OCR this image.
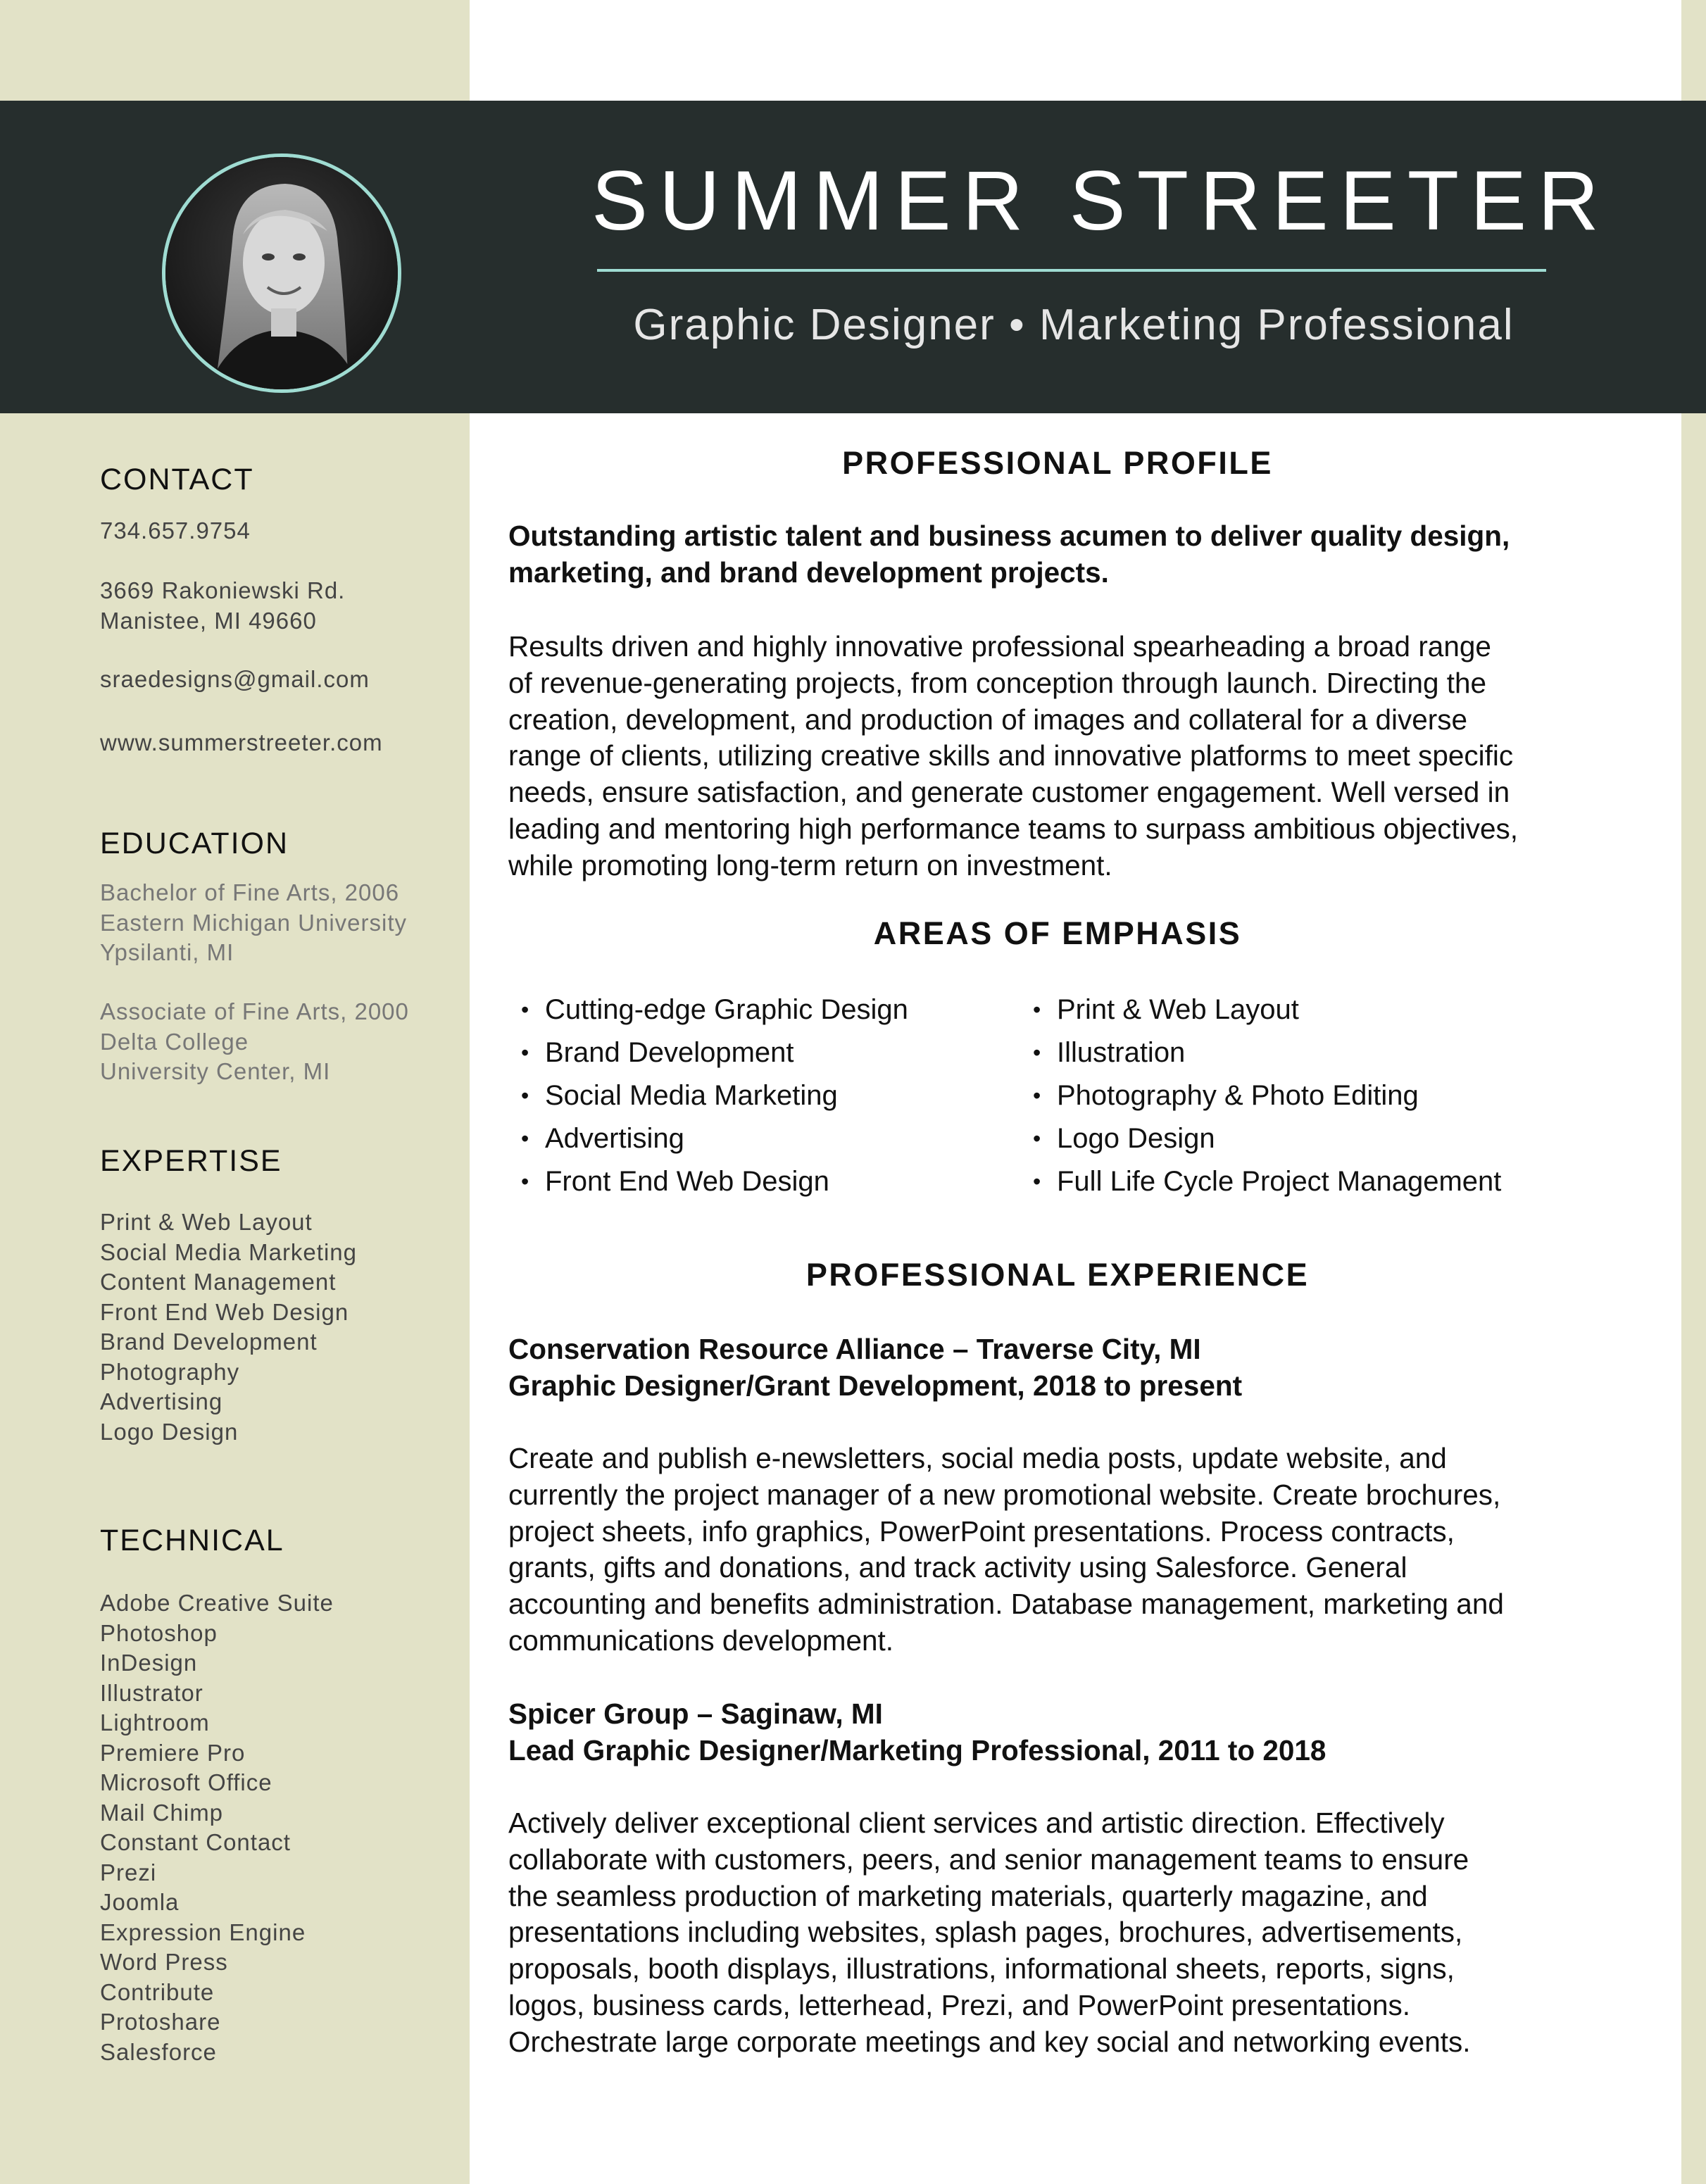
SUMMER STREETER
Graphic Designer • Marketing Professional
CONTACT
734.657.9754
3669 Rakoniewski Rd.
Manistee, MI 49660
sraedesigns@gmail.com
www.summerstreeter.com
EDUCATION
Bachelor of Fine Arts, 2006
Eastern Michigan University
Ypsilanti, MI
Associate of Fine Arts, 2000
Delta College
University Center, MI
EXPERTISE
Print & Web Layout
Social Media Marketing
Content Management
Front End Web Design
Brand Development
Photography
Advertising
Logo Design
TECHNICAL
Adobe Creative Suite
Photoshop
InDesign
Illustrator
Lightroom
Premiere Pro
Microsoft Office
Mail Chimp
Constant Contact
Prezi
Joomla
Expression Engine
Word Press
Contribute
Protoshare
Salesforce
PROFESSIONAL PROFILE

Outstanding artistic talent and business acumen to deliver quality design,

marketing, and brand development projects.

Results driven and highly innovative professional spearheading a broad range

of revenue-generating projects, from conception through launch. Directing the

creation, development, and production of images and collateral for a diverse

range of clients, utilizing creative skills and innovative platforms to meet specific

needs, ensure satisfaction, and generate customer engagement. Well versed in

leading and mentoring high performance teams to surpass ambitious objectives,

while promoting long-term return on investment.

AREAS OF EMPHASIS
• Cutting-edge Graphic Design
• Brand Development
• Social Media Marketing
• Advertising
• Front End Web Design
• Print & Web Layout
• Illustration
• Photography & Photo Editing
• Logo Design
• Full Life Cycle Project Management
PROFESSIONAL EXPERIENCE

Conservation Resource Alliance – Traverse City, MI

Graphic Designer/Grant Development, 2018 to present

Create and publish e-newsletters, social media posts, update website, and

currently the project manager of a new promotional website. Create brochures,

project sheets, info graphics, PowerPoint presentations. Process contracts,

grants, gifts and donations, and track activity using Salesforce. General

accounting and benefits administration. Database management, marketing and

communications development.

Spicer Group – Saginaw, MI

Lead Graphic Designer/Marketing Professional, 2011 to 2018

Actively deliver exceptional client services and artistic direction. Effectively

collaborate with customers, peers, and senior management teams to ensure

the seamless production of marketing materials, quarterly magazine, and

presentations including websites, splash pages, brochures, advertisements,

proposals, booth displays, illustrations, informational sheets, reports, signs,

logos, business cards, letterhead, Prezi, and PowerPoint presentations.

Orchestrate large corporate meetings and key social and networking events.
